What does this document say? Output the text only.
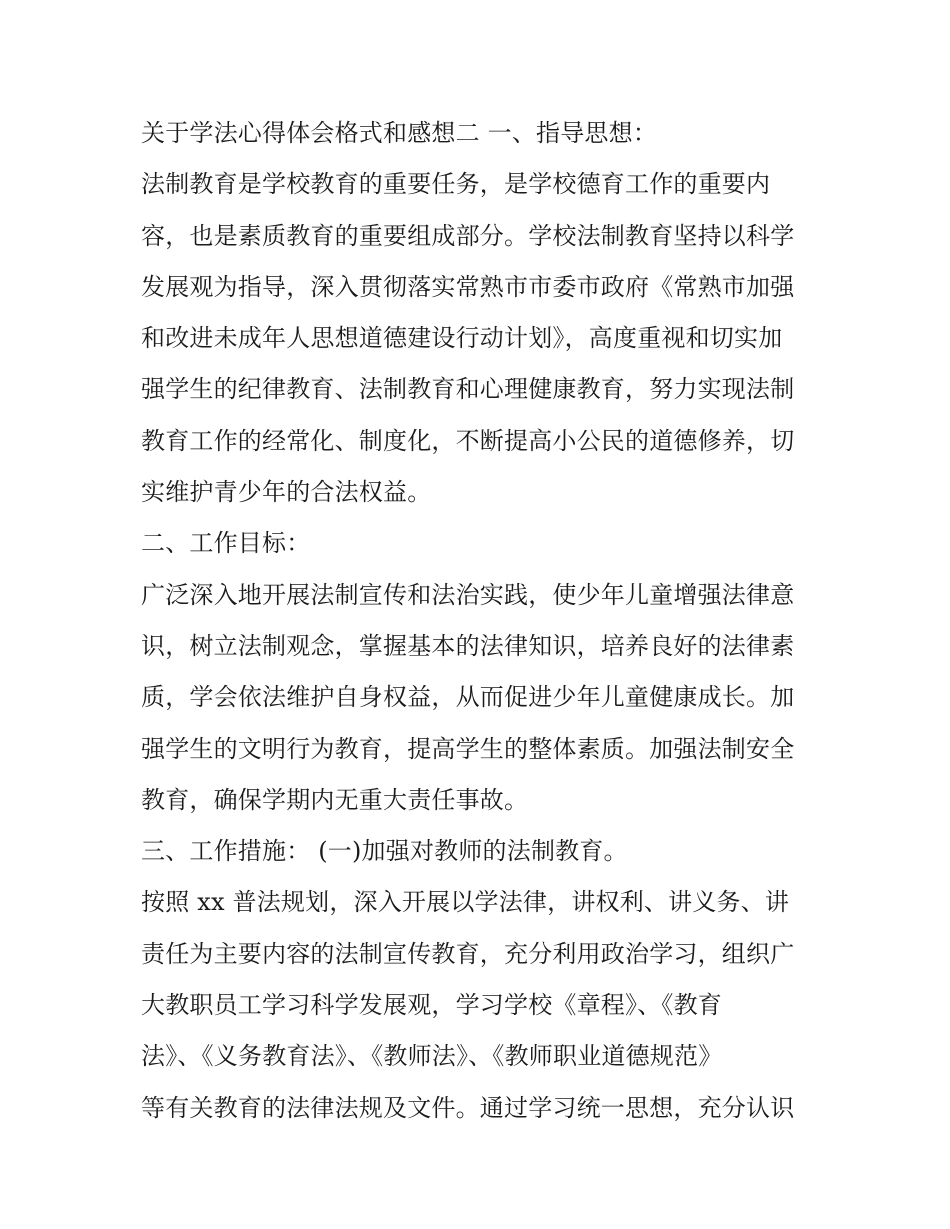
关于学法心得体会格式和感想二 一、指导思想：

法制教育是学校教育的重要任务，是学校德育工作的重要内

容，也是素质教育的重要组成部分。学校法制教育坚持以科学

发展观为指导，深入贯彻落实常熟市市委市政府《常熟市加强

和改进未成年人思想道德建设行动计划》，高度重视和切实加

强学生的纪律教育、法制教育和心理健康教育，努力实现法制

教育工作的经常化、制度化，不断提高小公民的道德修养，切

实维护青少年的合法权益。

二、工作目标：

广泛深入地开展法制宣传和法治实践，使少年儿童增强法律意

识，树立法制观念，掌握基本的法律知识，培养良好的法律素

质，学会依法维护自身权益，从而促进少年儿童健康成长。加

强学生的文明行为教育，提高学生的整体素质。加强法制安全

教育，确保学期内无重大责任事故。

三、工作措施： (一)加强对教师的法制教育。

按照 xx 普法规划，深入开展以学法律，讲权利、讲义务、讲

责任为主要内容的法制宣传教育，充分利用政治学习，组织广

大教职员工学习科学发展观，学习学校《章程》、《教育

法》、《义务教育法》、《教师法》、《教师职业道德规范》

等有关教育的法律法规及文件。通过学习统一思想，充分认识
